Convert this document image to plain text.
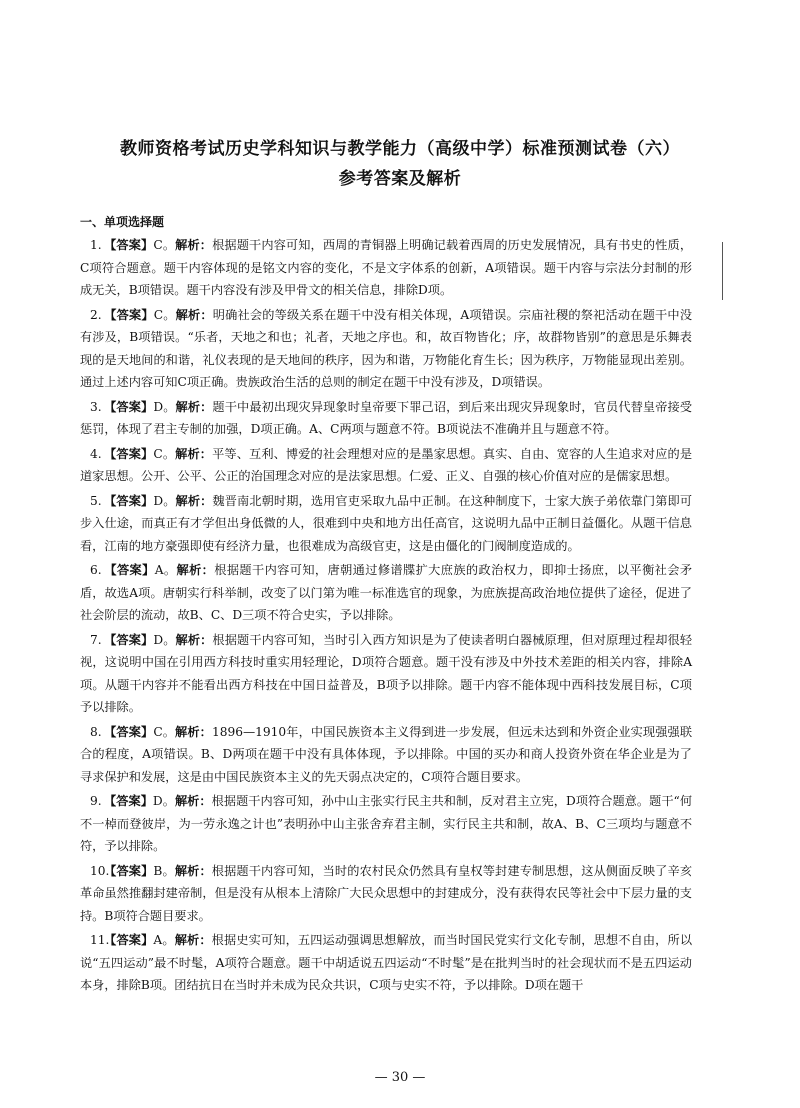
教师资格考试历史学科知识与教学能力（高级中学）标准预测试卷（六）
参考答案及解析
一、单项选择题

1. 【答案】C。解析：根据题干内容可知，西周的青铜器上明确记载着西周的历史发展情况，具有书史的性质，C项符合题意。题干内容体现的是铭文内容的变化，不是文字体系的创新，A项错误。题干内容与宗法分封制的形成无关，B项错误。题干内容没有涉及甲骨文的相关信息，排除D项。

2. 【答案】C。解析：明确社会的等级关系在题干中没有相关体现，A项错误。宗庙社稷的祭祀活动在题干中没有涉及，B项错误。“乐者，天地之和也；礼者，天地之序也。和，故百物皆化；序，故群物皆别”的意思是乐舞表现的是天地间的和谐，礼仪表现的是天地间的秩序，因为和谐，万物能化育生长；因为秩序，万物能显现出差别。通过上述内容可知C项正确。贵族政治生活的总则的制定在题干中没有涉及，D项错误。

3. 【答案】D。解析：题干中最初出现灾异现象时皇帝要下罪己诏，到后来出现灾异现象时，官员代替皇帝接受惩罚，体现了君主专制的加强，D项正确。A、C两项与题意不符。B项说法不准确并且与题意不符。

4. 【答案】C。解析：平等、互利、博爱的社会理想对应的是墨家思想。真实、自由、宽容的人生追求对应的是道家思想。公开、公平、公正的治国理念对应的是法家思想。仁爱、正义、自强的核心价值对应的是儒家思想。

5. 【答案】D。解析：魏晋南北朝时期，选用官吏采取九品中正制。在这种制度下，士家大族子弟依靠门第即可步入仕途，而真正有才学但出身低微的人，很难到中央和地方出任高官，这说明九品中正制日益僵化。从题干信息看，江南的地方豪强即使有经济力量，也很难成为高级官吏，这是由僵化的门阀制度造成的。

6. 【答案】A。解析：根据题干内容可知，唐朝通过修谱牒扩大庶族的政治权力，即抑士扬庶，以平衡社会矛盾，故选A项。唐朝实行科举制，改变了以门第为唯一标准选官的现象，为庶族提高政治地位提供了途径，促进了社会阶层的流动，故B、C、D三项不符合史实，予以排除。

7. 【答案】D。解析：根据题干内容可知，当时引入西方知识是为了使读者明白器械原理，但对原理过程却很轻视，这说明中国在引用西方科技时重实用轻理论，D项符合题意。题干没有涉及中外技术差距的相关内容，排除A项。从题干内容并不能看出西方科技在中国日益普及，B项予以排除。题干内容不能体现中西科技发展目标，C项予以排除。

8. 【答案】C。解析：1896—1910年，中国民族资本主义得到进一步发展，但远未达到和外资企业实现强强联合的程度，A项错误。B、D两项在题干中没有具体体现，予以排除。中国的买办和商人投资外资在华企业是为了寻求保护和发展，这是由中国民族资本主义的先天弱点决定的，C项符合题目要求。

9. 【答案】D。解析：根据题干内容可知，孙中山主张实行民主共和制，反对君主立宪，D项符合题意。题干“何不一棹而登彼岸，为一劳永逸之计也”表明孙中山主张舍弃君主制，实行民主共和制，故A、B、C三项均与题意不符，予以排除。

10.【答案】B。解析：根据题干内容可知，当时的农村民众仍然具有皇权等封建专制思想，这从侧面反映了辛亥革命虽然推翻封建帝制，但是没有从根本上清除广大民众思想中的封建成分，没有获得农民等社会中下层力量的支持。B项符合题目要求。

11.【答案】A。解析：根据史实可知，五四运动强调思想解放，而当时国民党实行文化专制，思想不自由，所以说“五四运动”最不时髦，A项符合题意。题干中胡适说五四运动“不时髦”是在批判当时的社会现状而不是五四运动本身，排除B项。团结抗日在当时并未成为民众共识，C项与史实不符，予以排除。D项在题干

— 30 —
